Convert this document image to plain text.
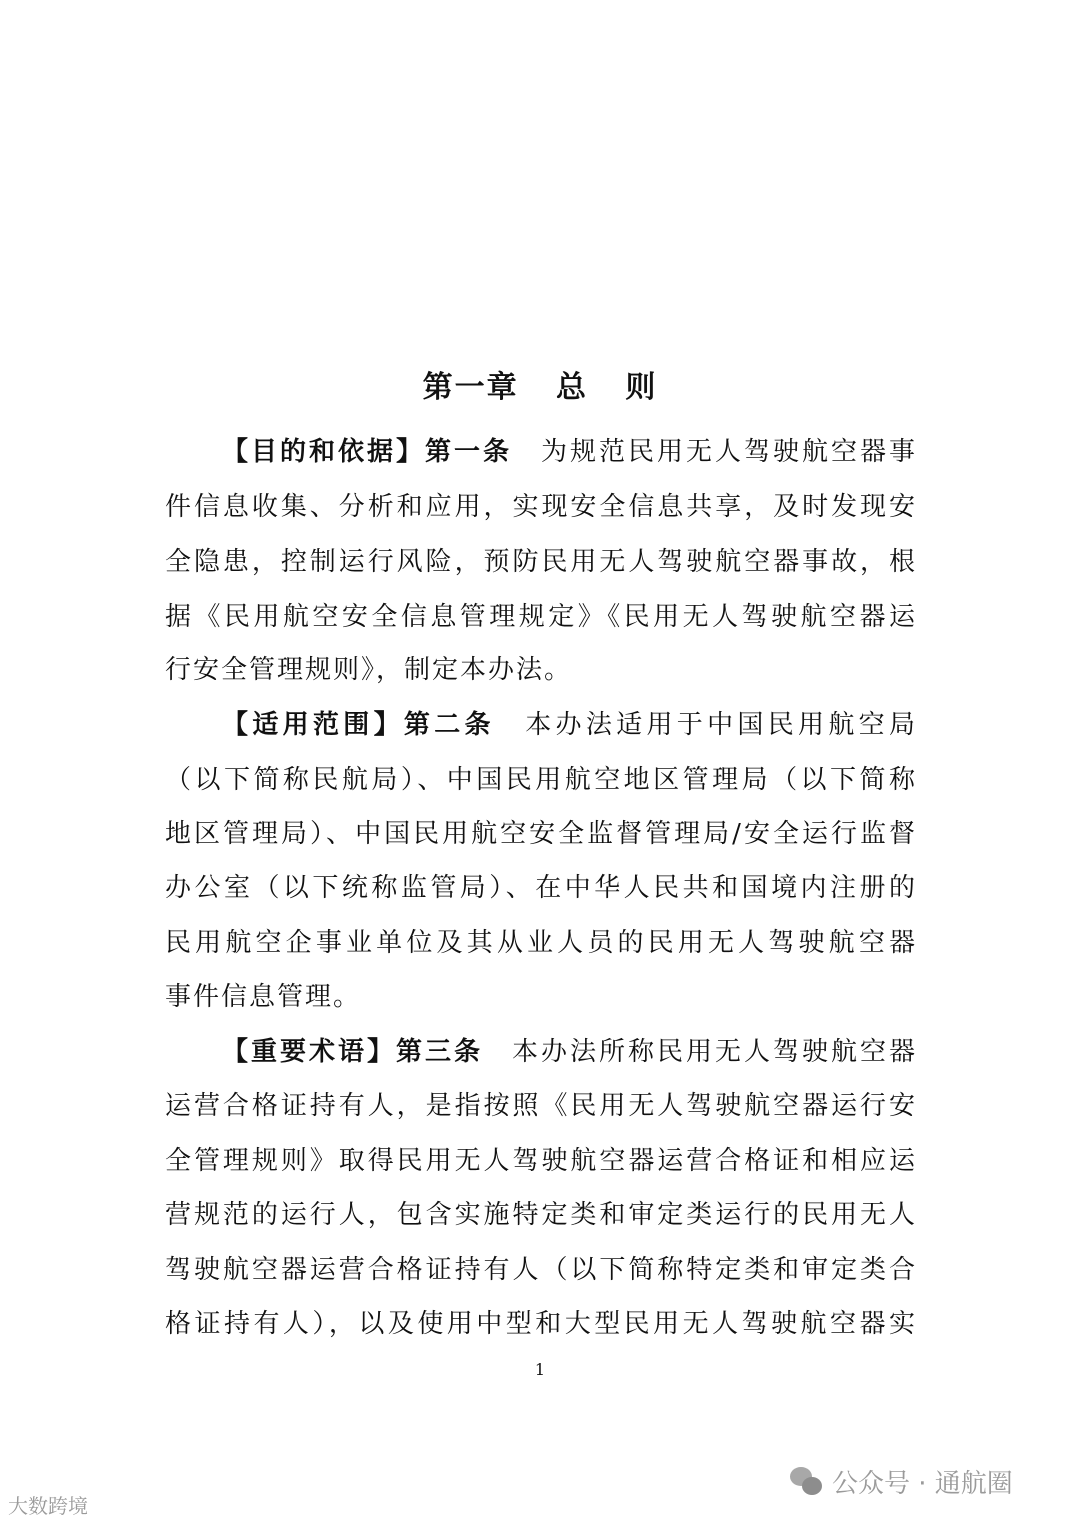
第一章   总   则
【目的和依据】第一条　 为规范民用无人驾驶航空器事
件信息收集、分析和应用，实现安全信息共享，及时发现安
全隐患，控制运行风险，预防民用无人驾驶航空器事故，根
据《民用航空安全信息管理规定》《民用无人驾驶航空器运
行安全管理规则》，制定本办法。
【适用范围】第二条　 本办法适用于中国民用航空局
（以下简称民航局）、中国民用航空地区管理局（以下简称
地区管理局）、中国民用航空安全监督管理局/安全运行监督
办公室（以下统称监管局）、在中华人民共和国境内注册的
民用航空企事业单位及其从业人员的民用无人驾驶航空器
事件信息管理。
【重要术语】第三条　 本办法所称民用无人驾驶航空器
运营合格证持有人，是指按照《民用无人驾驶航空器运行安
全管理规则》取得民用无人驾驶航空器运营合格证和相应运
营规范的运行人，包含实施特定类和审定类运行的民用无人
驾驶航空器运营合格证持有人（以下简称特定类和审定类合
格证持有人），以及使用中型和大型民用无人驾驶航空器实
1
大数跨境
公众号 · 通航圈
